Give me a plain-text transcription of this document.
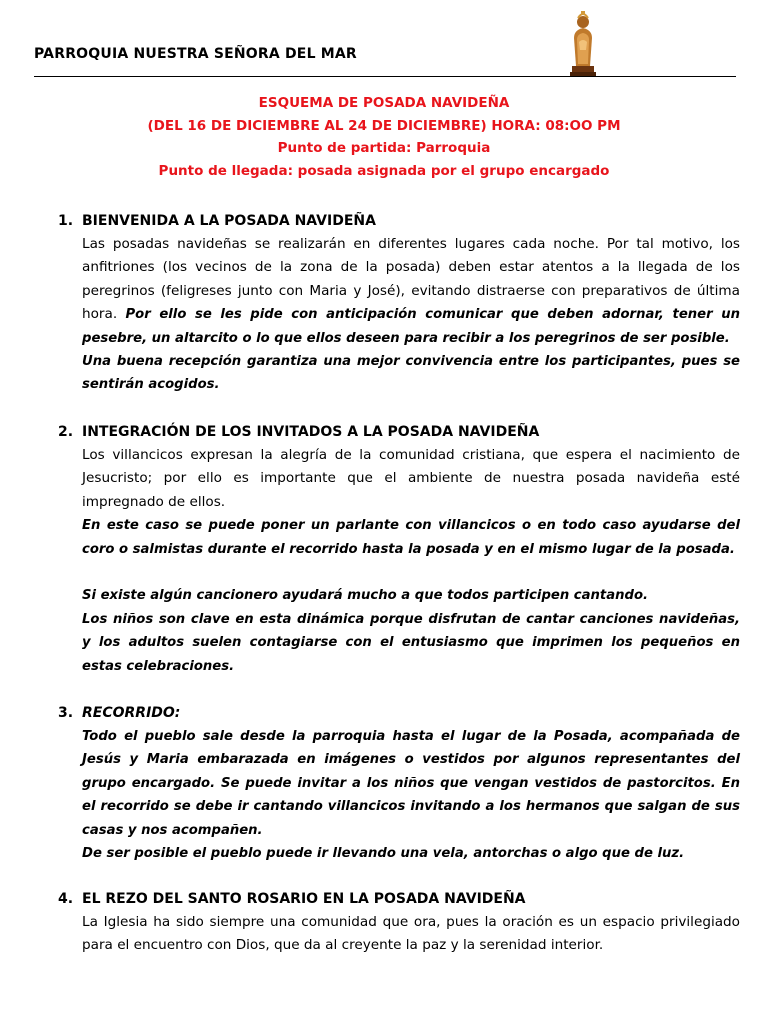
PARROQUIA NUESTRA SEÑORA DEL MAR
ESQUEMA DE POSADA NAVIDEÑA
(DEL 16 DE DICIEMBRE AL 24 DE DICIEMBRE) HORA: 08:OO PM
Punto de partida: Parroquia
Punto de llegada: posada asignada por el grupo encargado
1. BIENVENIDA A LA POSADA NAVIDEÑA

Las posadas navideñas se realizarán en diferentes lugares cada noche. Por tal motivo, los anfitriones (los vecinos de la zona de la posada) deben estar atentos a la llegada de los peregrinos (feligreses junto con Maria y José), evitando distraerse con preparativos de última hora. Por ello se les pide con anticipación comunicar que deben adornar, tener un pesebre, un altarcito o lo que ellos deseen para recibir a los peregrinos de ser posible.

Una buena recepción garantiza una mejor convivencia entre los participantes, pues se sentirán acogidos.

2. INTEGRACIÓN DE LOS INVITADOS A LA POSADA NAVIDEÑA

Los villancicos expresan la alegría de la comunidad cristiana, que espera el nacimiento de Jesucristo; por ello es importante que el ambiente de nuestra posada navideña esté impregnado de ellos.

En este caso se puede poner un parlante con villancicos o en todo caso ayudarse del coro o salmistas durante el recorrido hasta la posada y en el mismo lugar de la posada.

Si existe algún cancionero ayudará mucho a que todos participen cantando.

Los niños son clave en esta dinámica porque disfrutan de cantar canciones navideñas, y los adultos suelen contagiarse con el entusiasmo que imprimen los pequeños en estas celebraciones.

3. RECORRIDO:

Todo el pueblo sale desde la parroquia hasta el lugar de la Posada, acompañada de Jesús y Maria embarazada en imágenes o vestidos por algunos representantes del grupo encargado. Se puede invitar a los niños que vengan vestidos de pastorcitos. En el recorrido se debe ir cantando villancicos invitando a los hermanos que salgan de sus casas y nos acompañen.

De ser posible el pueblo puede ir llevando una vela, antorchas o algo que de luz.

4. EL REZO DEL SANTO ROSARIO EN LA POSADA NAVIDEÑA

La Iglesia ha sido siempre una comunidad que ora, pues la oración es un espacio privilegiado para el encuentro con Dios, que da al creyente la paz y la serenidad interior.
